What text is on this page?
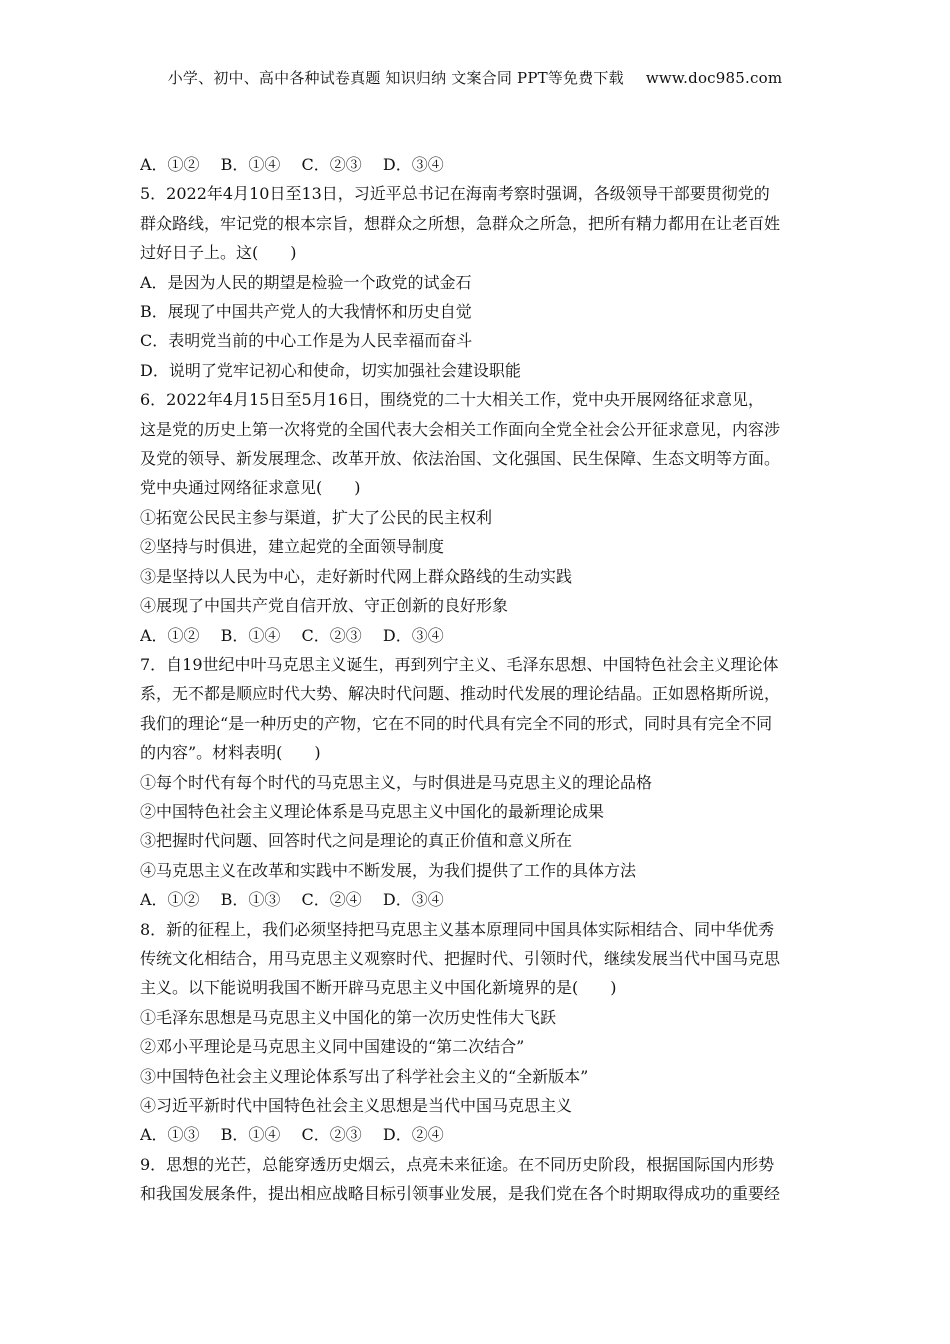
小学、初中、高中各种试卷真题 知识归纳 文案合同 PPT等免费下载 www.doc985.com
A．①② B．①④ C．②③ D．③④
5．2022年4月10日至13日，习近平总书记在海南考察时强调，各级领导干部要贯彻党的
群众路线，牢记党的根本宗旨，想群众之所想，急群众之所急，把所有精力都用在让老百姓
过好日子上。这(　　)
A．是因为人民的期望是检验一个政党的试金石
B．展现了中国共产党人的大我情怀和历史自觉
C．表明党当前的中心工作是为人民幸福而奋斗
D．说明了党牢记初心和使命，切实加强社会建设职能
6．2022年4月15日至5月16日，围绕党的二十大相关工作，党中央开展网络征求意见，
这是党的历史上第一次将党的全国代表大会相关工作面向全党全社会公开征求意见，内容涉
及党的领导、新发展理念、改革开放、依法治国、文化强国、民生保障、生态文明等方面。
党中央通过网络征求意见(　　)
①拓宽公民民主参与渠道，扩大了公民的民主权利
②坚持与时俱进，建立起党的全面领导制度
③是坚持以人民为中心，走好新时代网上群众路线的生动实践
④展现了中国共产党自信开放、守正创新的良好形象
A．①② B．①④ C．②③ D．③④
7．自19世纪中叶马克思主义诞生，再到列宁主义、毛泽东思想、中国特色社会主义理论体
系，无不都是顺应时代大势、解决时代问题、推动时代发展的理论结晶。正如恩格斯所说，
我们的理论“是一种历史的产物，它在不同的时代具有完全不同的形式，同时具有完全不同
的内容”。材料表明(　　)
①每个时代有每个时代的马克思主义，与时俱进是马克思主义的理论品格
②中国特色社会主义理论体系是马克思主义中国化的最新理论成果
③把握时代问题、回答时代之问是理论的真正价值和意义所在
④马克思主义在改革和实践中不断发展，为我们提供了工作的具体方法
A．①② B．①③ C．②④ D．③④
8．新的征程上，我们必须坚持把马克思主义基本原理同中国具体实际相结合、同中华优秀
传统文化相结合，用马克思主义观察时代、把握时代、引领时代，继续发展当代中国马克思
主义。以下能说明我国不断开辟马克思主义中国化新境界的是(　　)
①毛泽东思想是马克思主义中国化的第一次历史性伟大飞跃
②邓小平理论是马克思主义同中国建设的“第二次结合”
③中国特色社会主义理论体系写出了科学社会主义的“全新版本”
④习近平新时代中国特色社会主义思想是当代中国马克思主义
A．①③ B．①④ C．②③ D．②④
9．思想的光芒，总能穿透历史烟云，点亮未来征途。在不同历史阶段，根据国际国内形势
和我国发展条件，提出相应战略目标引领事业发展，是我们党在各个时期取得成功的重要经
